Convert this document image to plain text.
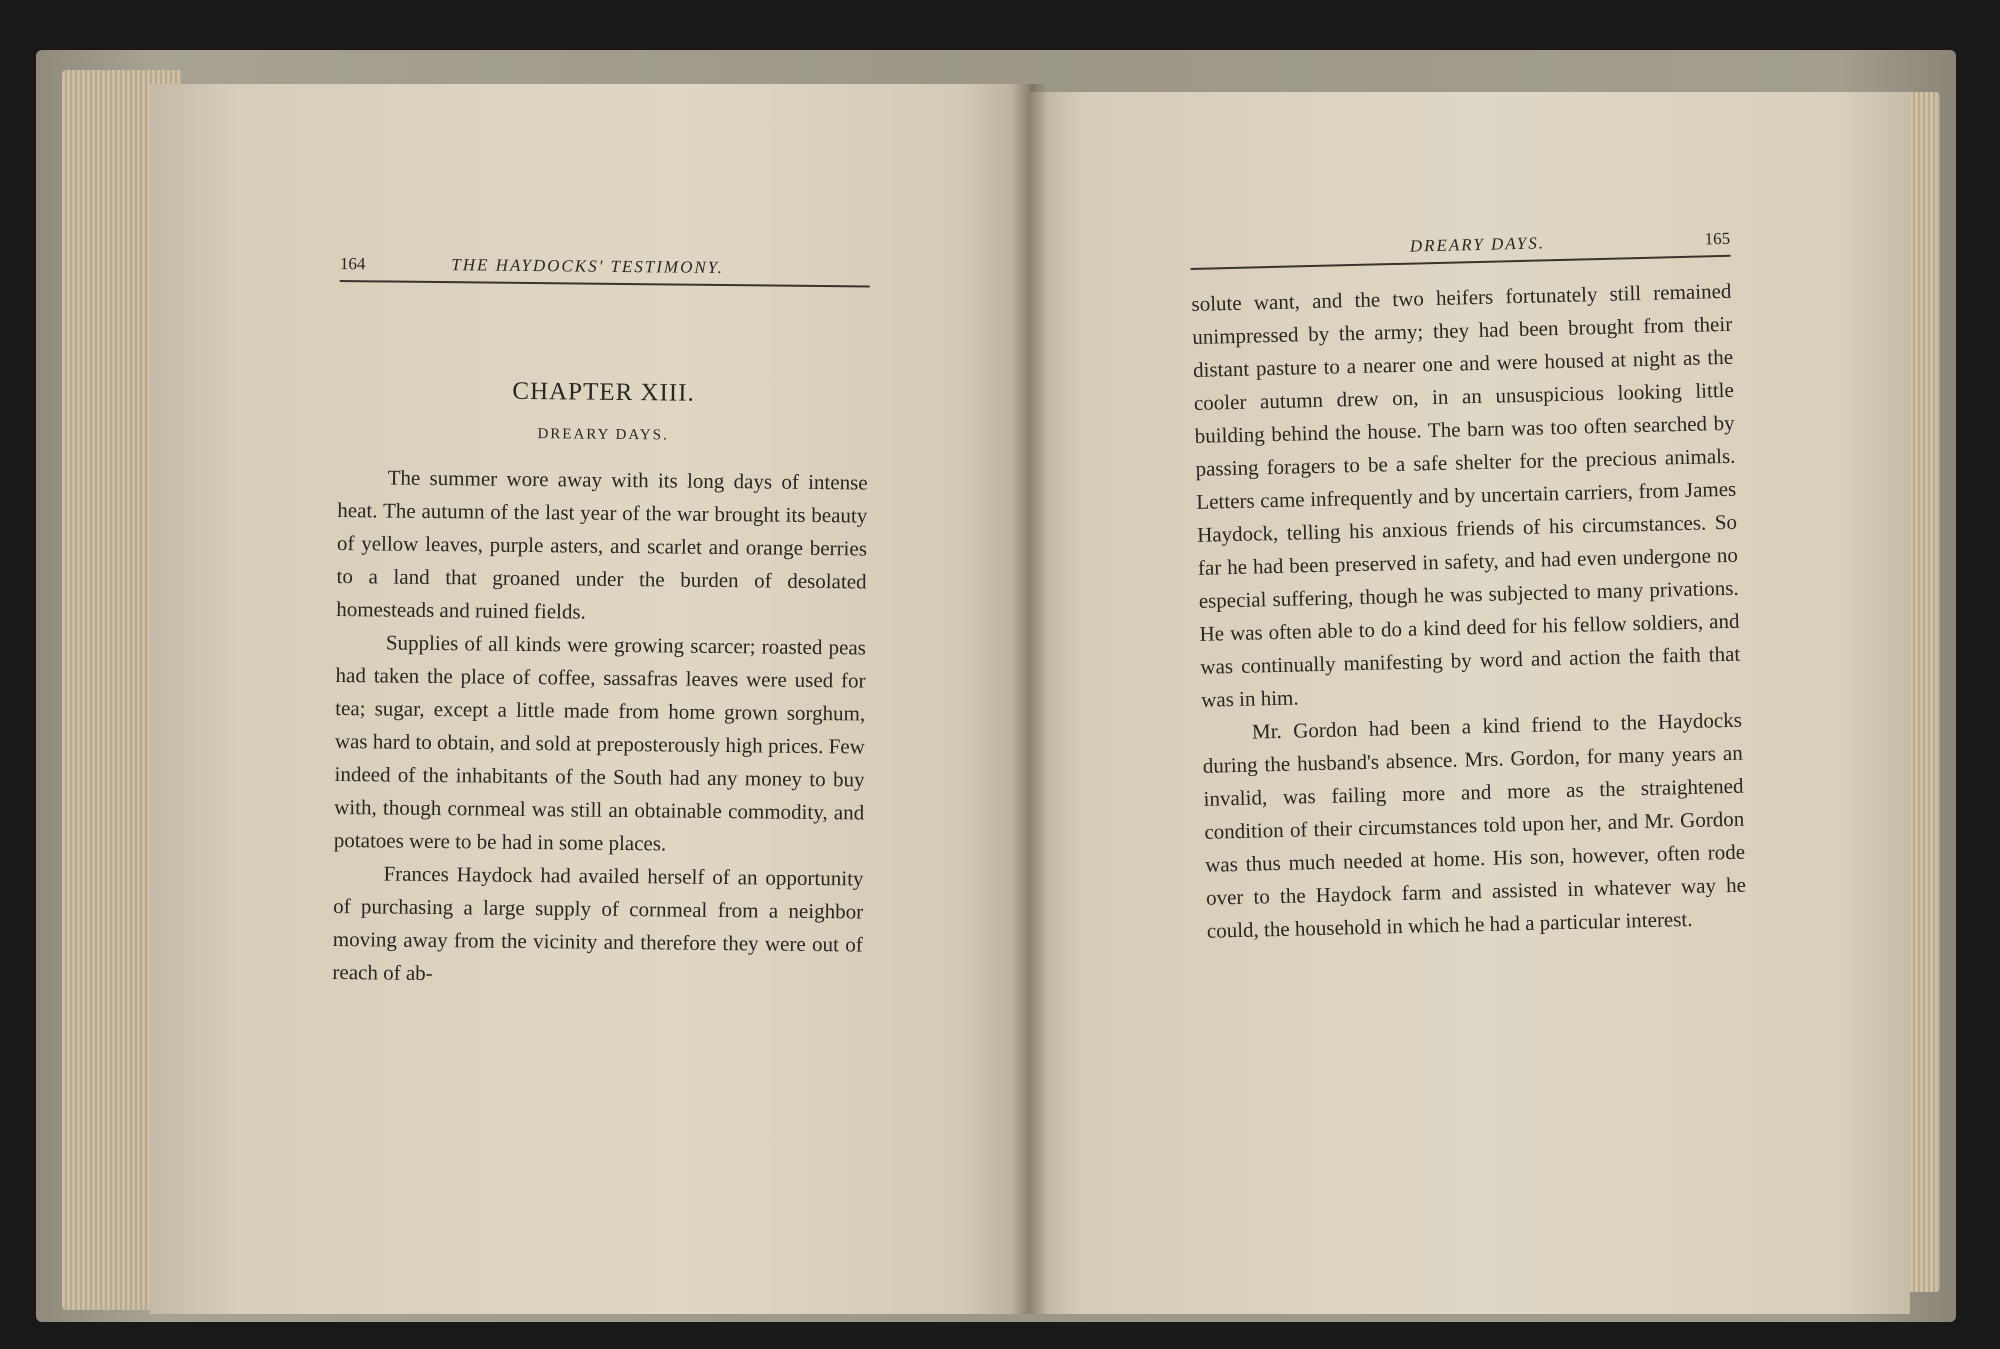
164	THE HAYDOCKS' TESTIMONY.
CHAPTER XIII.
DREARY DAYS.

The summer wore away with its long days of intense heat. The autumn of the last year of the war brought its beauty of yellow leaves, purple asters, and scarlet and orange berries to a land that groaned under the burden of desolated homesteads and ruined fields.

Supplies of all kinds were growing scarcer; roasted peas had taken the place of coffee, sassafras leaves were used for tea; sugar, except a little made from home grown sorghum, was hard to obtain, and sold at preposterously high prices. Few indeed of the inhabitants of the South had any money to buy with, though cornmeal was still an obtainable commodity, and potatoes were to be had in some places.

Frances Haydock had availed herself of an opportunity of purchasing a large supply of cornmeal from a neighbor moving away from the vicinity and therefore they were out of reach of ab-

DREARY DAYS.	165

solute want, and the two heifers fortunately still remained unimpressed by the army; they had been brought from their distant pasture to a nearer one and were housed at night as the cooler autumn drew on, in an unsuspicious looking little building behind the house. The barn was too often searched by passing foragers to be a safe shelter for the precious animals. Letters came infrequently and by uncertain carriers, from James Haydock, telling his anxious friends of his circumstances. So far he had been preserved in safety, and had even undergone no especial suffering, though he was subjected to many privations. He was often able to do a kind deed for his fellow soldiers, and was continually manifesting by word and action the faith that was in him.

Mr. Gordon had been a kind friend to the Haydocks during the husband's absence. Mrs. Gordon, for many years an invalid, was failing more and more as the straightened condition of their circumstances told upon her, and Mr. Gordon was thus much needed at home. His son, however, often rode over to the Haydock farm and assisted in whatever way he could, the household in which he had a particular interest.
